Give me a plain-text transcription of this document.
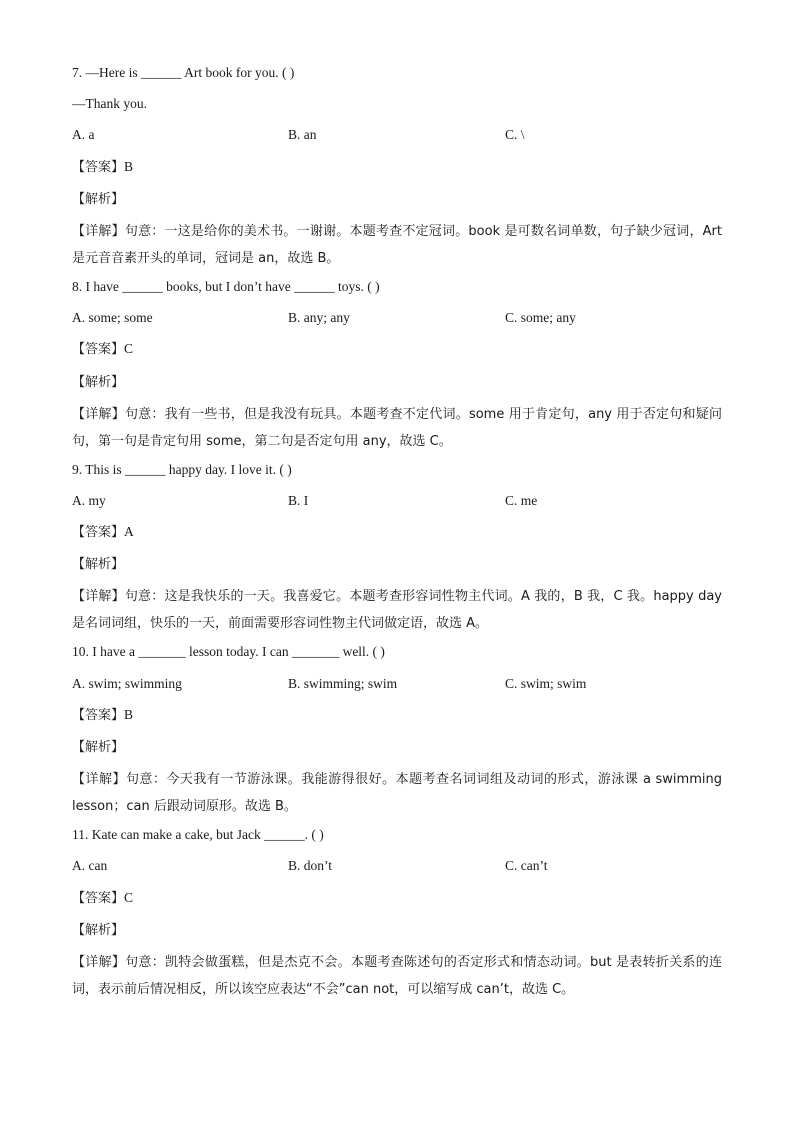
7. —Here is ______ Art book for you. ( )
—Thank you.
A. a	B. an	C. \
【答案】B
【解析】
【详解】句意：一这是给你的美术书。一谢谢。本题考查不定冠词。book 是可数名词单数，句子缺少冠词，Art 是元音音素开头的单词，冠词是 an，故选 B。
8. I have ______ books, but I don’t have ______ toys. ( )
A. some; some	B. any; any	C. some; any
【答案】C
【解析】
【详解】句意：我有一些书，但是我没有玩具。本题考查不定代词。some 用于肯定句，any 用于否定句和疑问句，第一句是肯定句用 some，第二句是否定句用 any，故选 C。
9. This is ______ happy day. I love it. ( )
A. my	B. I	C. me
【答案】A
【解析】
【详解】句意：这是我快乐的一天。我喜爱它。本题考查形容词性物主代词。A 我的，B 我，C 我。happy day 是名词词组，快乐的一天，前面需要形容词性物主代词做定语，故选 A。
10. I have a _______ lesson today. I can _______ well. ( )
A. swim; swimming	B. swimming; swim	C. swim; swim
【答案】B
【解析】
【详解】句意：今天我有一节游泳课。我能游得很好。本题考查名词词组及动词的形式，游泳课 a swimming lesson；can 后跟动词原形。故选 B。
11. Kate can make a cake, but Jack ______. ( )
A. can	B. don’t	C. can’t
【答案】C
【解析】
【详解】句意：凯特会做蛋糕，但是杰克不会。本题考查陈述句的否定形式和情态动词。but 是表转折关系的连词，表示前后情况相反，所以该空应表达“不会”can not，可以缩写成 can’t，故选 C。
